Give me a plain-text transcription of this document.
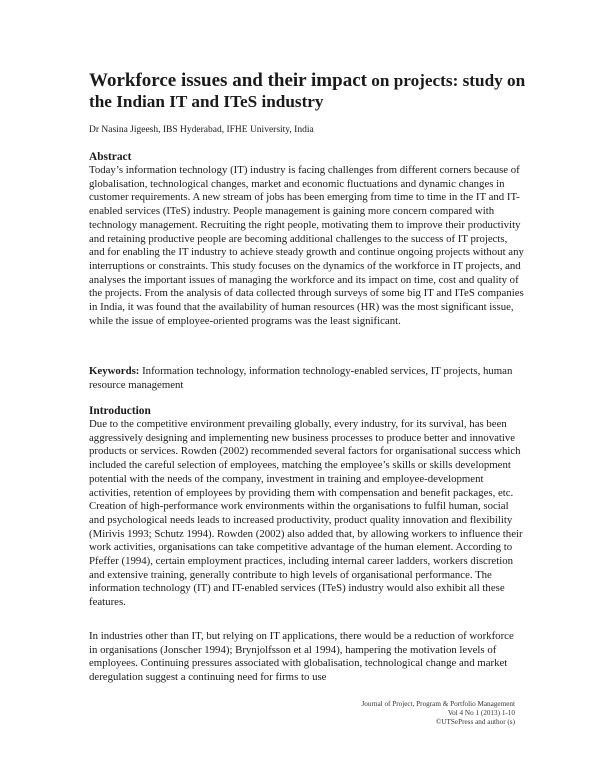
Workforce issues and their impact on projects: study on the Indian IT and ITeS industry

Dr Nasina Jigeesh, IBS Hyderabad, IFHE University, India

Abstract

Today’s information technology (IT) industry is facing challenges from different corners because of globalisation, technological changes, market and economic fluctuations and dynamic changes in customer requirements. A new stream of jobs has been emerging from time to time in the IT and IT-enabled services (ITeS) industry. People management is gaining more concern compared with technology management. Recruiting the right people, motivating them to improve their productivity and retaining productive people are becoming additional challenges to the success of IT projects, and for enabling the IT industry to achieve steady growth and continue ongoing projects without any interruptions or constraints. This study focuses on the dynamics of the workforce in IT projects, and analyses the important issues of managing the workforce and its impact on time, cost and quality of the projects. From the analysis of data collected through surveys of some big IT and ITeS companies in India, it was found that the availability of human resources (HR) was the most significant issue, while the issue of employee-oriented programs was the least significant.

Keywords: Information technology, information technology-enabled services, IT projects, human resource management

Introduction

Due to the competitive environment prevailing globally, every industry, for its survival, has been aggressively designing and implementing new business processes to produce better and innovative products or services. Rowden (2002) recommended several factors for organisational success which included the careful selection of employees, matching the employee’s skills or skills development potential with the needs of the company, investment in training and employee-development activities, retention of employees by providing them with compensation and benefit packages, etc. Creation of high-performance work environments within the organisations to fulfil human, social and psychological needs leads to increased productivity, product quality innovation and flexibility (Mirivis 1993; Schutz 1994). Rowden (2002) also added that, by allowing workers to influence their work activities, organisations can take competitive advantage of the human element. According to Pfeffer (1994), certain employment practices, including internal career ladders, workers discretion and extensive training, generally contribute to high levels of organisational performance. The information technology (IT) and IT-enabled services (ITeS) industry would also exhibit all these features.

In industries other than IT, but relying on IT applications, there would be a reduction of workforce in organisations (Jonscher 1994); Brynjolfsson et al 1994), hampering the motivation levels of employees. Continuing pressures associated with globalisation, technological change and market deregulation suggest a continuing need for firms to use

Journal of Project, Program & Portfolio Management
Vol 4 No 1 (2013) 1-10
©UTSePress and author (s)
